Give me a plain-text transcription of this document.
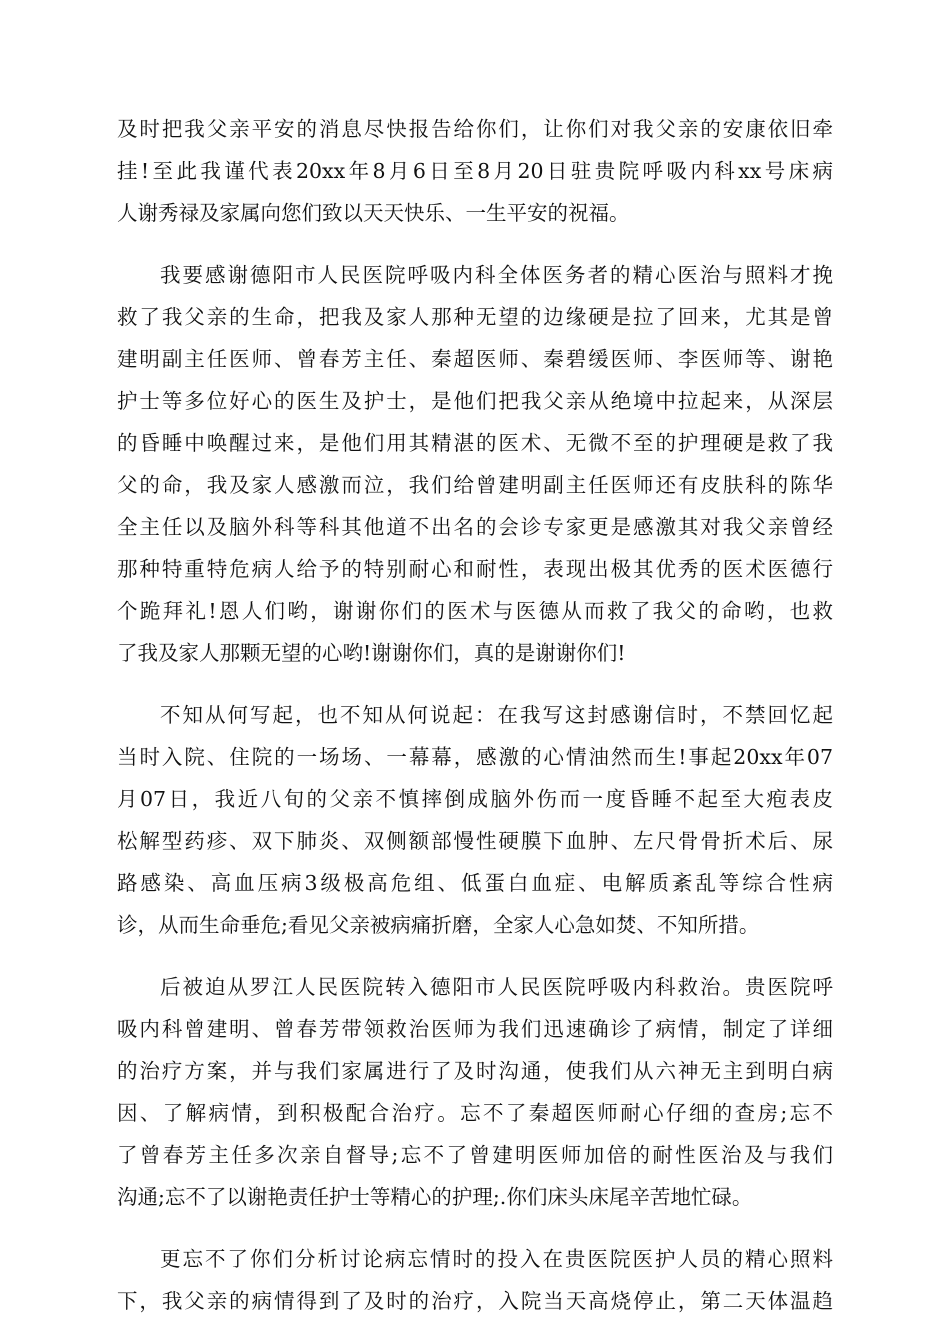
及时把我父亲平安的消息尽快报告给你们，让你们对我父亲的安康依旧牵

挂!至此我谨代表20xx年8月6日至8月20日驻贵院呼吸内科xx号床病

人谢秀禄及家属向您们致以天天快乐、一生平安的祝福。

我要感谢德阳市人民医院呼吸内科全体医务者的精心医治与照料才挽

救了我父亲的生命，把我及家人那种无望的边缘硬是拉了回来，尤其是曾

建明副主任医师、曾春芳主任、秦超医师、秦碧缓医师、李医师等、谢艳

护士等多位好心的医生及护士，是他们把我父亲从绝境中拉起来，从深层

的昏睡中唤醒过来，是他们用其精湛的医术、无微不至的护理硬是救了我

父的命，我及家人感激而泣，我们给曾建明副主任医师还有皮肤科的陈华

全主任以及脑外科等科其他道不出名的会诊专家更是感激其对我父亲曾经

那种特重特危病人给予的特别耐心和耐性，表现出极其优秀的医术医德行

个跪拜礼!恩人们哟，谢谢你们的医术与医德从而救了我父的命哟，也救

了我及家人那颗无望的心哟!谢谢你们，真的是谢谢你们!

不知从何写起，也不知从何说起：在我写这封感谢信时，不禁回忆起

当时入院、住院的一场场、一幕幕，感激的心情油然而生!事起20xx年07

月07日，我近八旬的父亲不慎摔倒成脑外伤而一度昏睡不起至大疱表皮

松解型药疹、双下肺炎、双侧额部慢性硬膜下血肿、左尺骨骨折术后、尿

路感染、高血压病3级极高危组、低蛋白血症、电解质紊乱等综合性病

诊，从而生命垂危;看见父亲被病痛折磨，全家人心急如焚、不知所措。

后被迫从罗江人民医院转入德阳市人民医院呼吸内科救治。贵医院呼

吸内科曾建明、曾春芳带领救治医师为我们迅速确诊了病情，制定了详细

的治疗方案，并与我们家属进行了及时沟通，使我们从六神无主到明白病

因、了解病情，到积极配合治疗。忘不了秦超医师耐心仔细的查房;忘不

了曾春芳主任多次亲自督导;忘不了曾建明医师加倍的耐性医治及与我们

沟通;忘不了以谢艳责任护士等精心的护理;.你们床头床尾辛苦地忙碌。

更忘不了你们分析讨论病忘情时的投入在贵医院医护人员的精心照料

下，我父亲的病情得到了及时的治疗，入院当天高烧停止，第二天体温趋
